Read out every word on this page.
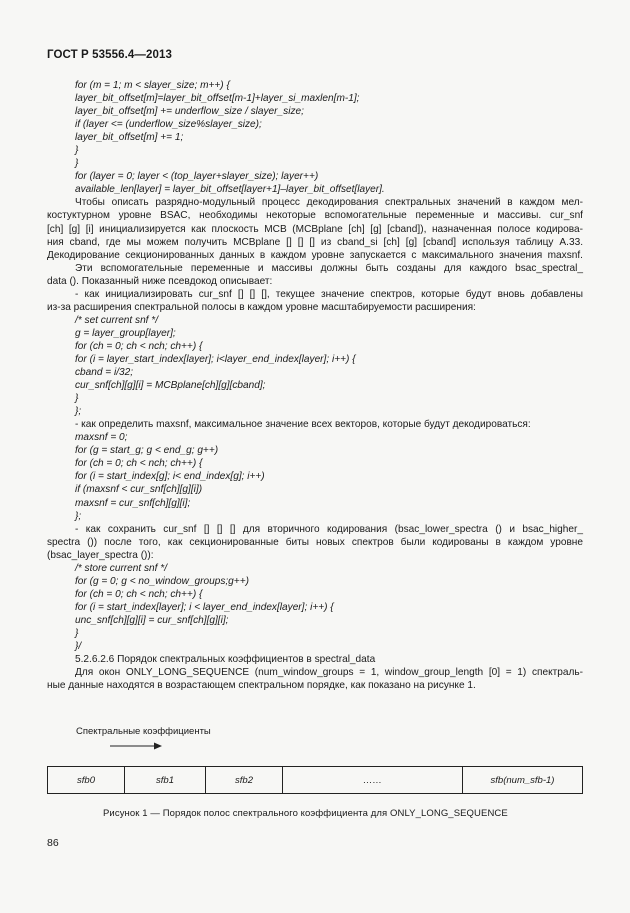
ГОСТ Р 53556.4—2013
for (m = 1; m < slayer_size; m++) {
layer_bit_offset[m]=layer_bit_offset[m-1]+layer_si_maxlen[m-1];
layer_bit_offset[m] += underflow_size / slayer_size;
if (layer <= (underflow_size%slayer_size);
layer_bit_offset[m] += 1;
}
}
for (layer = 0; layer < (top_layer+slayer_size); layer++)
available_len[layer] = layer_bit_offset[layer+1]–layer_bit_offset[layer].
Чтобы описать разрядно-модульный процесс декодирования спектральных значений в каждом мел-
костуктурном уровне BSAC, необходимы некоторые вспомогательные переменные и массивы. cur_snf
[ch] [g] [i] инициализируется как плоскость MCB (MCBplane [ch] [g] [cband]), назначенная полосе кодирова-
ния cband, где мы можем получить MCBplane [] [] [] из cband_si [ch] [g] [cband] используя таблицу А.33.
Декодирование секционированных данных в каждом уровне запускается с максимального значения maxsnf.
Эти вспомогательные переменные и массивы должны быть созданы для каждого bsac_spectral_
data (). Показанный ниже псевдокод описывает:
- как инициализировать cur_snf [] [] [], текущее значение спектров, которые будут вновь добавлены
из-за расширения спектральной полосы в каждом уровне масштабируемости расширения:
/* set current snf */
g = layer_group[layer];
for (ch = 0; ch < nch; ch++) {
for (i = layer_start_index[layer]; i<layer_end_index[layer]; i++) {
cband = i/32;
cur_snf[ch][g][i] = MCBplane[ch][g][cband];
}
};
- как определить maxsnf, максимальное значение всех векторов, которые будут декодироваться:
maxsnf = 0;
for (g = start_g; g < end_g; g++)
for (ch = 0; ch < nch; ch++) {
for (i = start_index[g]; i< end_index[g]; i++)
if (maxsnf < cur_snf[ch][g][i])
maxsnf = cur_snf[ch][g][i];
};
- как сохранить cur_snf [] [] [] для вторичного кодирования (bsac_lower_spectra () и bsac_higher_
spectra ()) после того, как секционированные биты новых спектров были кодированы в каждом уровне
(bsac_layer_spectra ()):
/* store current snf */
for (g = 0; g < no_window_groups;g++)
for (ch = 0; ch < nch; ch++) {
for (i = start_index[layer]; i < layer_end_index[layer]; i++) {
unc_snf[ch][g][i] = cur_snf[ch][g][i];
}
}/
5.2.6.2.6 Порядок спектральных коэффициентов в spectral_data
Для окон ONLY_LONG_SEQUENCE (num_window_groups = 1, window_group_length [0] = 1) спектраль-
ные данные находятся в возрастающем спектральном порядке, как показано на рисунке 1.
Спектральные коэффициенты
sfb0	sfb1	sfb2	……	sfb(num_sfb-1)
Рисунок 1 — Порядок полос спектрального коэффициента для ONLY_LONG_SEQUENCE
86
